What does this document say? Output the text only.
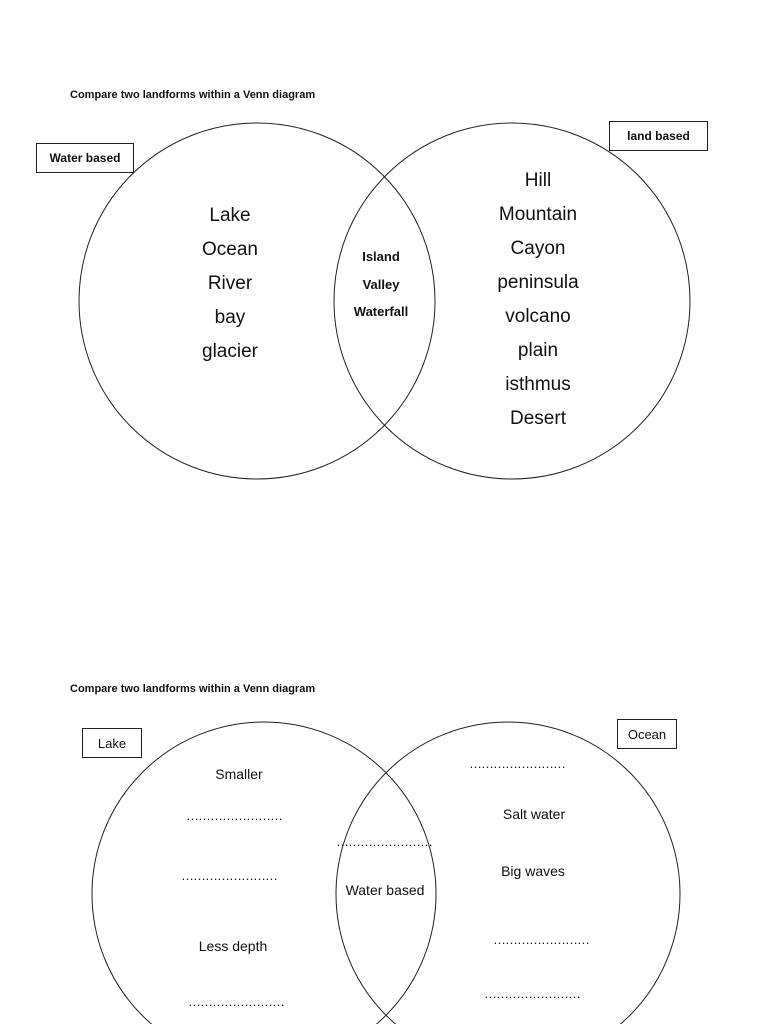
Compare two landforms within a Venn diagram
Water based
land based
Lake
Ocean
River
bay
glacier
Island
Valley
Waterfall
Hill
Mountain
Cayon
peninsula
volcano
plain
isthmus
Desert
Compare two landforms within a Venn diagram
Lake
Ocean
Smaller
……………………
……………………
Less depth
……………………
……………………
Water based
……………………
Salt water
Big waves
……………………
……………………
